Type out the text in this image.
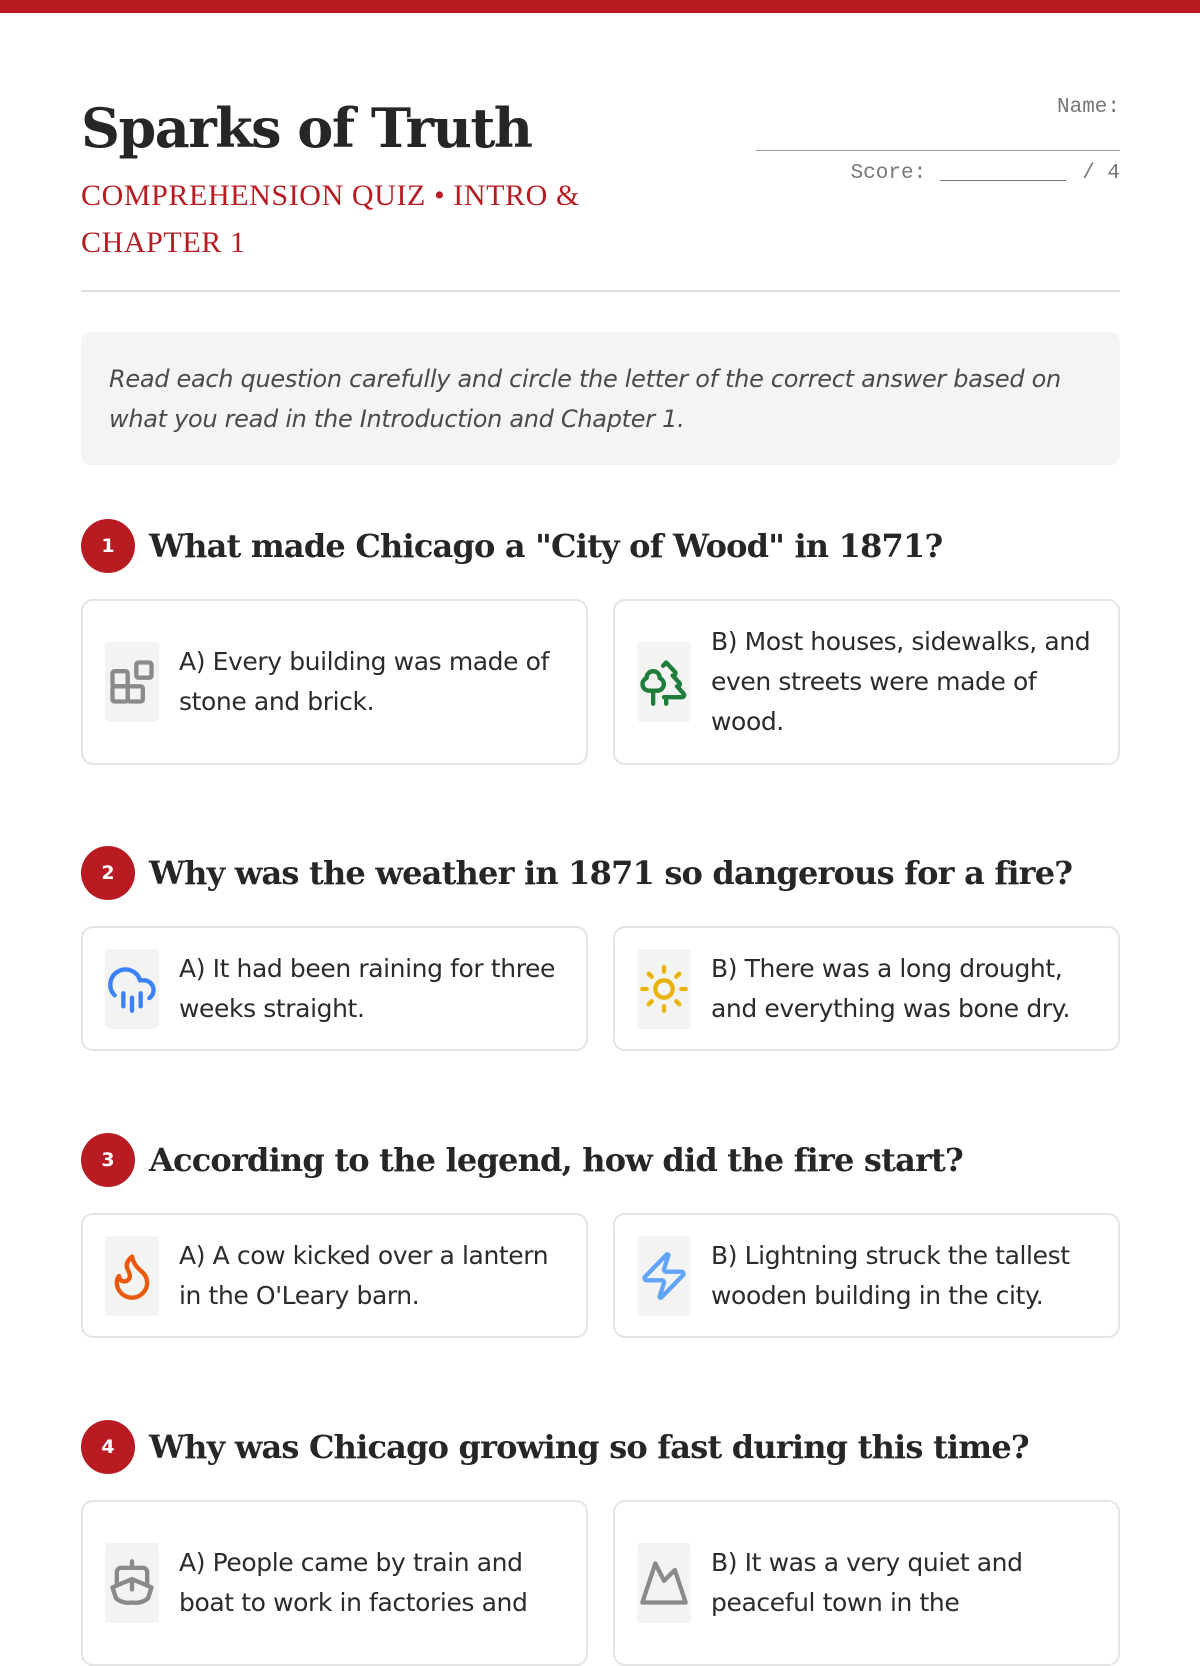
Sparks of Truth
COMPREHENSION QUIZ • INTRO & CHAPTER 1
Name:
Score:	/ 4
Read each question carefully and circle the letter of the correct answer based on what you read in the Introduction and Chapter 1.
1	What made Chicago a "City of Wood" in 1871?
A) Every building was made of stone and brick.
B) Most houses, sidewalks, and even streets were made of wood.
2	Why was the weather in 1871 so dangerous for a fire?
A) It had been raining for three weeks straight.
B) There was a long drought, and everything was bone dry.
3	According to the legend, how did the fire start?
A) A cow kicked over a lantern in the O'Leary barn.
B) Lightning struck the tallest wooden building in the city.
4	Why was Chicago growing so fast during this time?
A) People came by train and boat to work in factories and
B) It was a very quiet and peaceful town in the
